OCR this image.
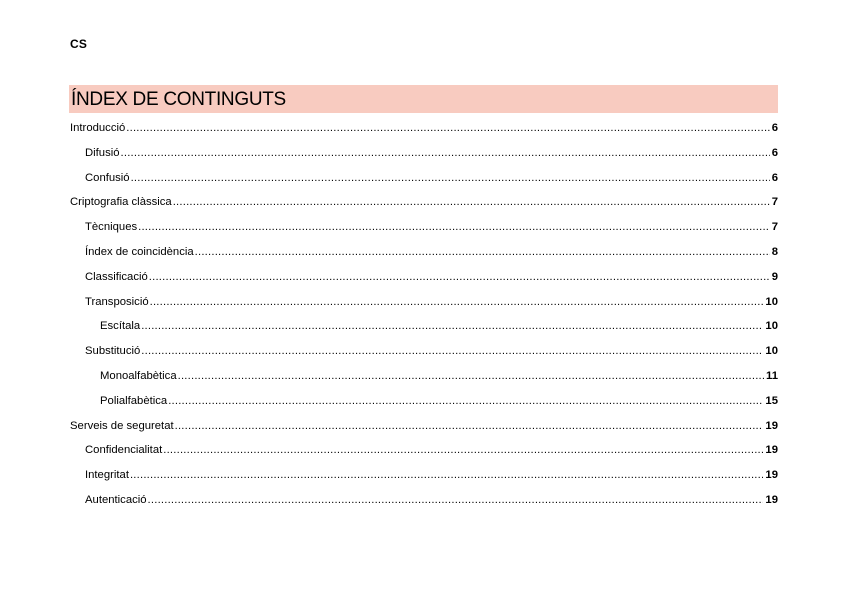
CS
ÍNDEX DE CONTINGUTS
Introducció .....	6
Difusió .....	6
Confusió .....	6
Criptografia clàssica .....	7
Tècniques .....	7
Índex de coincidència .....	8
Classificació .....	9
Transposició .....	10
Escítala .....	10
Substitució .....	10
Monoalfabètica .....	11
Polialfabètica .....	15
Serveis de seguretat .....	19
Confidencialitat .....	19
Integritat .....	19
Autenticació .....	19
